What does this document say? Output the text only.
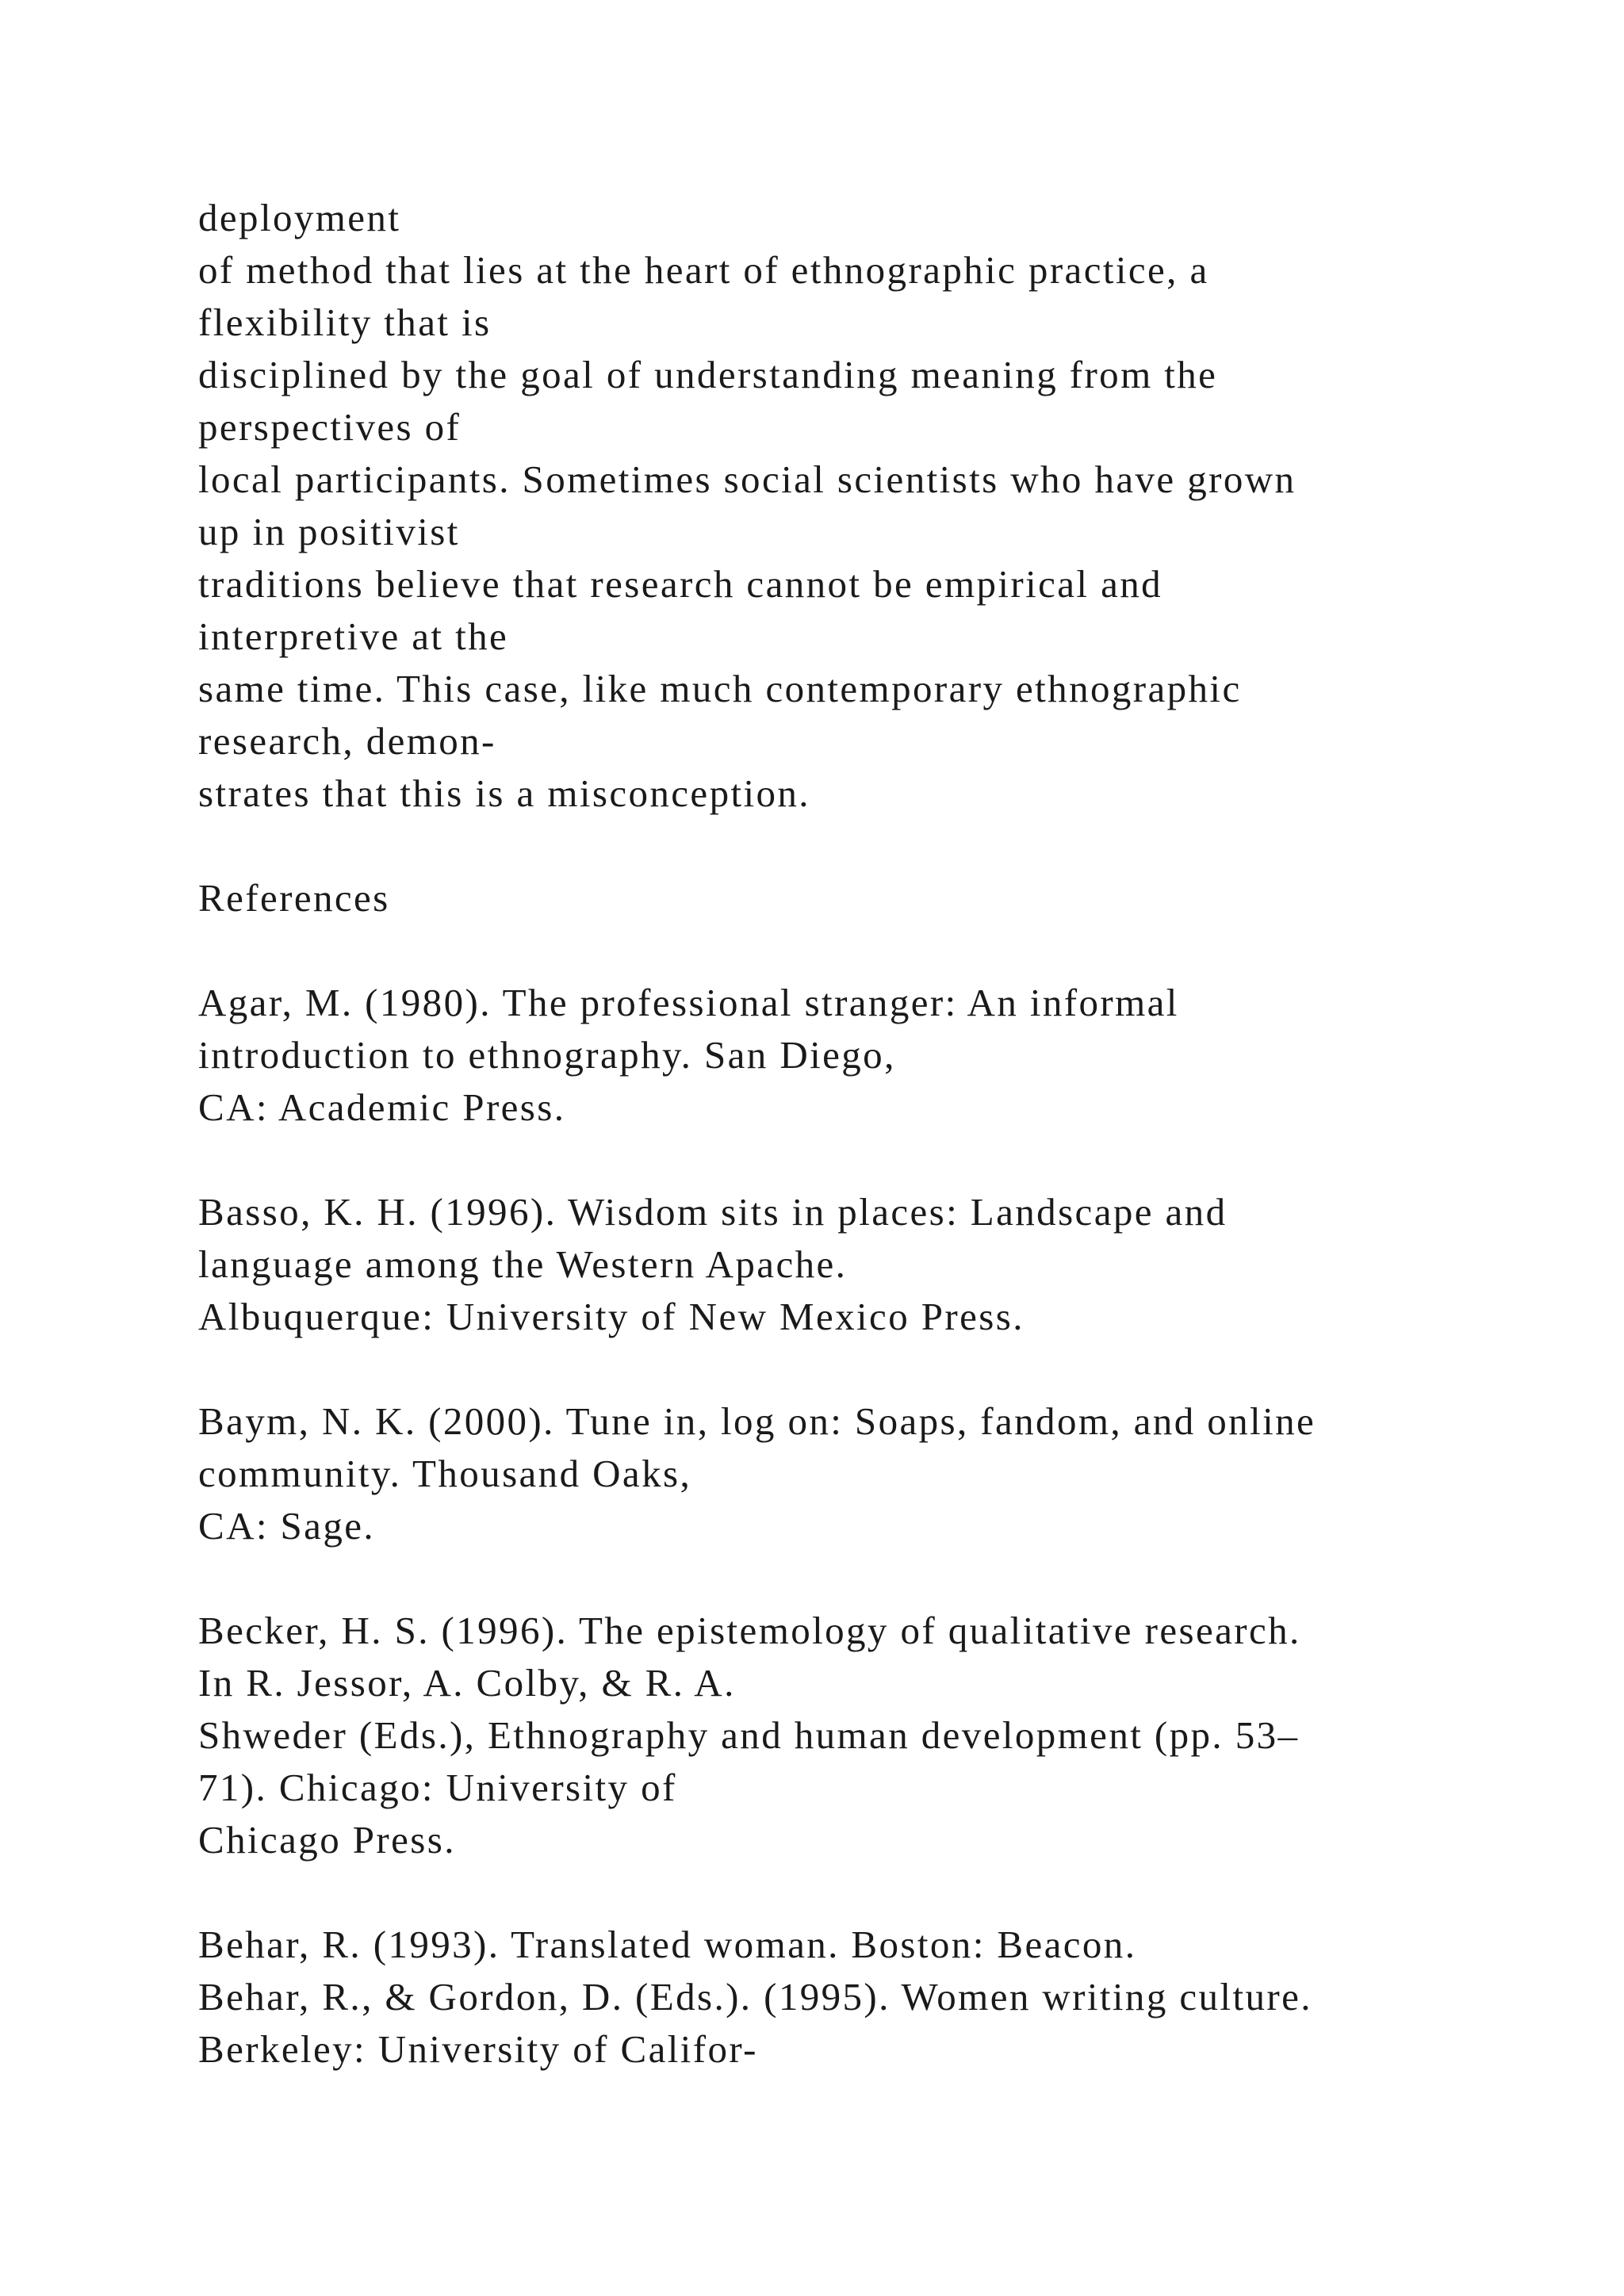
deployment
of method that lies at the heart of ethnographic practice, a
flexibility that is
disciplined by the goal of understanding meaning from the
perspectives of
local participants. Sometimes social scientists who have grown
up in positivist
traditions believe that research cannot be empirical and
interpretive at the
same time. This case, like much contemporary ethnographic
research, demon-
strates that this is a misconception.
References
Agar, M. (1980). The professional stranger: An informal
introduction to ethnography. San Diego,
CA: Academic Press.
Basso, K. H. (1996). Wisdom sits in places: Landscape and
language among the Western Apache.
Albuquerque: University of New Mexico Press.
Baym, N. K. (2000). Tune in, log on: Soaps, fandom, and online
community. Thousand Oaks,
CA: Sage.
Becker, H. S. (1996). The epistemology of qualitative research.
In R. Jessor, A. Colby, & R. A.
Shweder (Eds.), Ethnography and human development (pp. 53–
71). Chicago: University of
Chicago Press.
Behar, R. (1993). Translated woman. Boston: Beacon.
Behar, R., & Gordon, D. (Eds.). (1995). Women writing culture.
Berkeley: University of Califor-
